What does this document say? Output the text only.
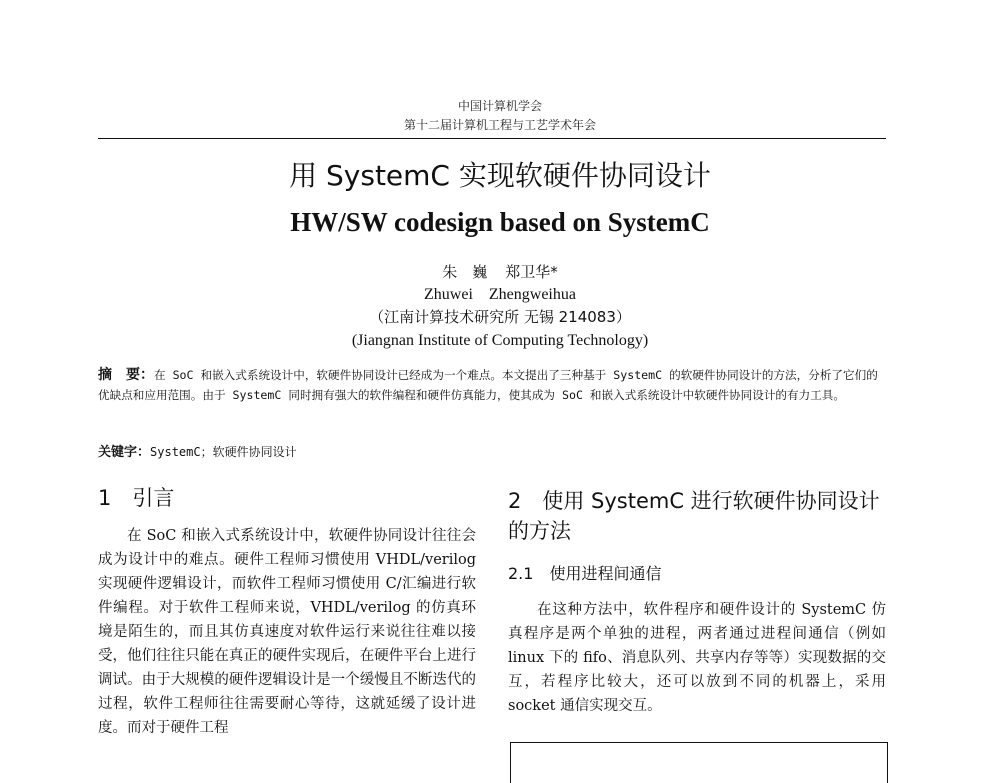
中国计算机学会
第十二届计算机工程与工艺学术年会
用 SystemC 实现软硬件协同设计
HW/SW codesign based on SystemC
朱　巍 郑卫华*
Zhuwei　Zhengweihua
（江南计算技术研究所 无锡 214083）
(Jiangnan Institute of Computing Technology)
摘　要：在 SoC 和嵌入式系统设计中，软硬件协同设计已经成为一个难点。本文提出了三种基于 SystemC 的软硬件协同设计的方法，分析了它们的优缺点和应用范围。由于 SystemC 同时拥有强大的软件编程和硬件仿真能力，使其成为 SoC 和嵌入式系统设计中软硬件协同设计的有力工具。
关键字：SystemC；软硬件协同设计
1　引言

在 SoC 和嵌入式系统设计中，软硬件协同设计往往会成为设计中的难点。硬件工程师习惯使用 VHDL/verilog 实现硬件逻辑设计，而软件工程师习惯使用 C/汇编进行软件编程。对于软件工程师来说，VHDL/verilog 的仿真环境是陌生的，而且其仿真速度对软件运行来说往往难以接受，他们往往只能在真正的硬件实现后，在硬件平台上进行调试。由于大规模的硬件逻辑设计是一个缓慢且不断迭代的过程，软件工程师往往需要耐心等待，这就延缓了设计进度。而对于硬件工程

2　使用 SystemC 进行软硬件协同设计的方法
2.1　使用进程间通信

在这种方法中，软件程序和硬件设计的 SystemC 仿真程序是两个单独的进程，两者通过进程间通信（例如 linux 下的 fifo、消息队列、共享内存等等）实现数据的交互，若程序比较大，还可以放到不同的机器上，采用 socket 通信实现交互。
